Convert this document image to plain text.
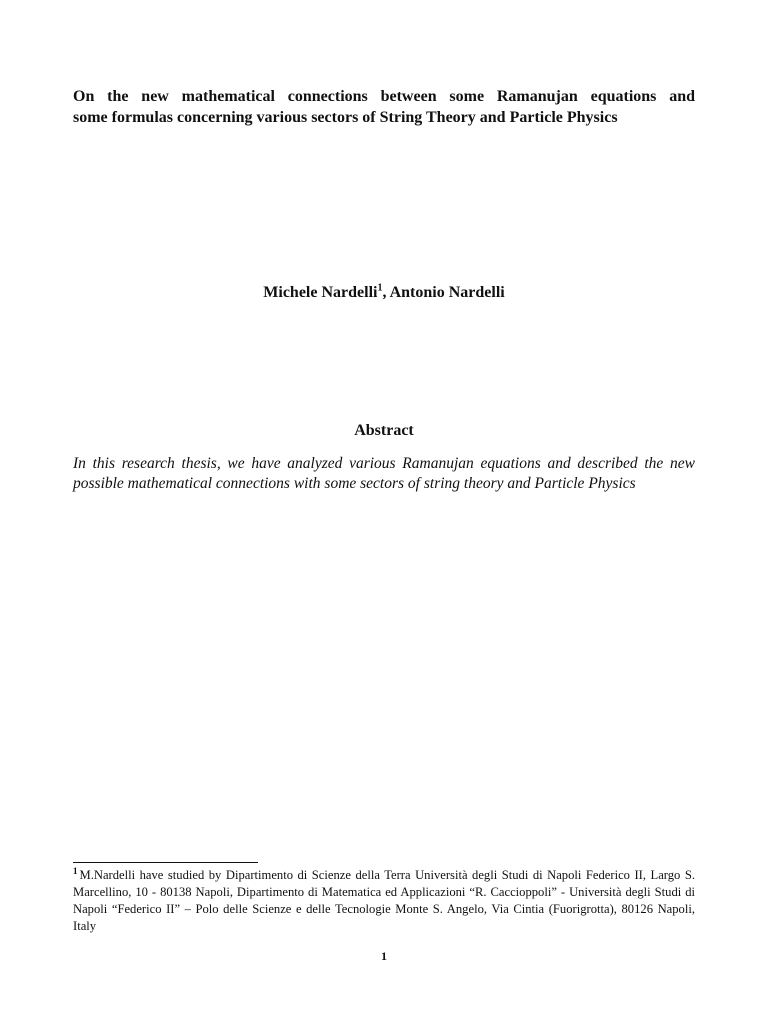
On the new mathematical connections between some Ramanujan equations and
some formulas concerning various sectors of String Theory and Particle Physics

Michele Nardelli$^1$, Antonio Nardelli

Abstract

In this research thesis, we have analyzed various Ramanujan equations and described the new possible mathematical connections with some sectors of string theory and Particle Physics

$^1$ M.Nardelli have studied by Dipartimento di Scienze della Terra Università degli Studi di Napoli Federico II, Largo S. Marcellino, 10 - 80138 Napoli, Dipartimento di Matematica ed Applicazioni “R. Caccioppoli” - Università degli Studi di Napoli “Federico II” – Polo delle Scienze e delle Tecnologie Monte S. Angelo, Via Cintia (Fuorigrotta), 80126 Napoli, Italy

1
